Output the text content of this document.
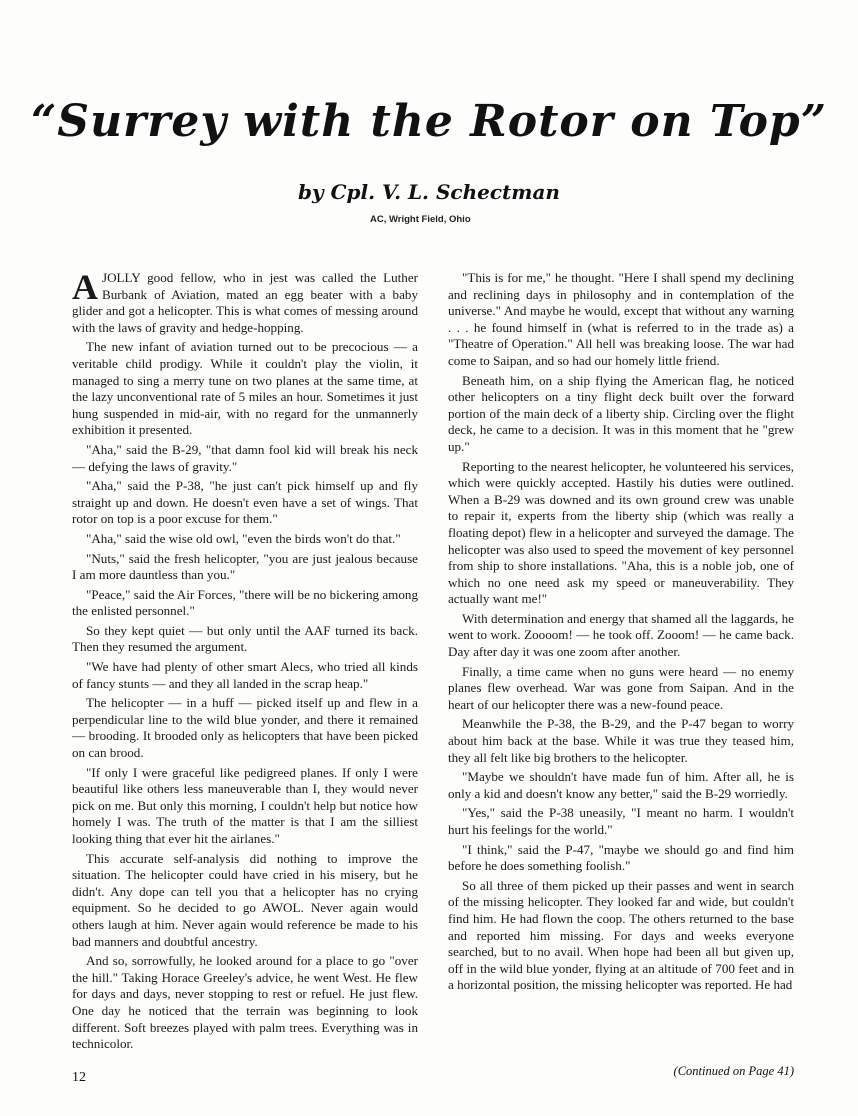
“Surrey with the Rotor on Top”
by Cpl. V. L. Schectman
AC, Wright Field, Ohio

AJOLLY good fellow, who in jest was called the Luther Burbank of Aviation, mated an egg beater with a baby glider and got a helicopter. This is what comes of messing around with the laws of gravity and hedge-hopping.

The new infant of aviation turned out to be precocious — a veritable child prodigy. While it couldn't play the violin, it managed to sing a merry tune on two planes at the same time, at the lazy unconventional rate of 5 miles an hour. Sometimes it just hung suspended in mid-air, with no regard for the unmannerly exhibition it presented.

"Aha," said the B-29, "that damn fool kid will break his neck — defying the laws of gravity."

"Aha," said the P-38, "he just can't pick himself up and fly straight up and down. He doesn't even have a set of wings. That rotor on top is a poor excuse for them."

"Aha," said the wise old owl, "even the birds won't do that."

"Nuts," said the fresh helicopter, "you are just jealous because I am more dauntless than you."

"Peace," said the Air Forces, "there will be no bickering among the enlisted personnel."

So they kept quiet — but only until the AAF turned its back. Then they resumed the argument.

"We have had plenty of other smart Alecs, who tried all kinds of fancy stunts — and they all landed in the scrap heap."

The helicopter — in a huff — picked itself up and flew in a perpendicular line to the wild blue yonder, and there it remained — brooding. It brooded only as helicopters that have been picked on can brood.

"If only I were graceful like pedigreed planes. If only I were beautiful like others less maneuverable than I, they would never pick on me. But only this morning, I couldn't help but notice how homely I was. The truth of the matter is that I am the silliest looking thing that ever hit the airlanes."

This accurate self-analysis did nothing to improve the situation. The helicopter could have cried in his misery, but he didn't. Any dope can tell you that a helicopter has no crying equipment. So he decided to go AWOL. Never again would others laugh at him. Never again would reference be made to his bad manners and doubtful ancestry.

And so, sorrowfully, he looked around for a place to go "over the hill." Taking Horace Greeley's advice, he went West. He flew for days and days, never stopping to rest or refuel. He just flew. One day he noticed that the terrain was beginning to look different. Soft breezes played with palm trees. Everything was in technicolor.

"This is for me," he thought. "Here I shall spend my declining and reclining days in philosophy and in contemplation of the universe." And maybe he would, except that without any warning . . . he found himself in (what is referred to in the trade as) a "Theatre of Operation." All hell was breaking loose. The war had come to Saipan, and so had our homely little friend.

Beneath him, on a ship flying the American flag, he noticed other helicopters on a tiny flight deck built over the forward portion of the main deck of a liberty ship. Circling over the flight deck, he came to a decision. It was in this moment that he "grew up."

Reporting to the nearest helicopter, he volunteered his services, which were quickly accepted. Hastily his duties were outlined. When a B-29 was downed and its own ground crew was unable to repair it, experts from the liberty ship (which was really a floating depot) flew in a helicopter and surveyed the damage. The helicopter was also used to speed the movement of key personnel from ship to shore installations. "Aha, this is a noble job, one of which no one need ask my speed or maneuverability. They actually want me!"

With determination and energy that shamed all the laggards, he went to work. Zoooom! — he took off. Zooom! — he came back. Day after day it was one zoom after another.

Finally, a time came when no guns were heard — no enemy planes flew overhead. War was gone from Saipan. And in the heart of our helicopter there was a new-found peace.

Meanwhile the P-38, the B-29, and the P-47 began to worry about him back at the base. While it was true they teased him, they all felt like big brothers to the helicopter.

"Maybe we shouldn't have made fun of him. After all, he is only a kid and doesn't know any better," said the B-29 worriedly.

"Yes," said the P-38 uneasily, "I meant no harm. I wouldn't hurt his feelings for the world."

"I think," said the P-47, "maybe we should go and find him before he does something foolish."

So all three of them picked up their passes and went in search of the missing helicopter. They looked far and wide, but couldn't find him. He had flown the coop. The others returned to the base and reported him missing. For days and weeks everyone searched, but to no avail. When hope had been all but given up, off in the wild blue yonder, flying at an altitude of 700 feet and in a horizontal position, the missing helicopter was reported. He had

12	(Continued on Page 41)
